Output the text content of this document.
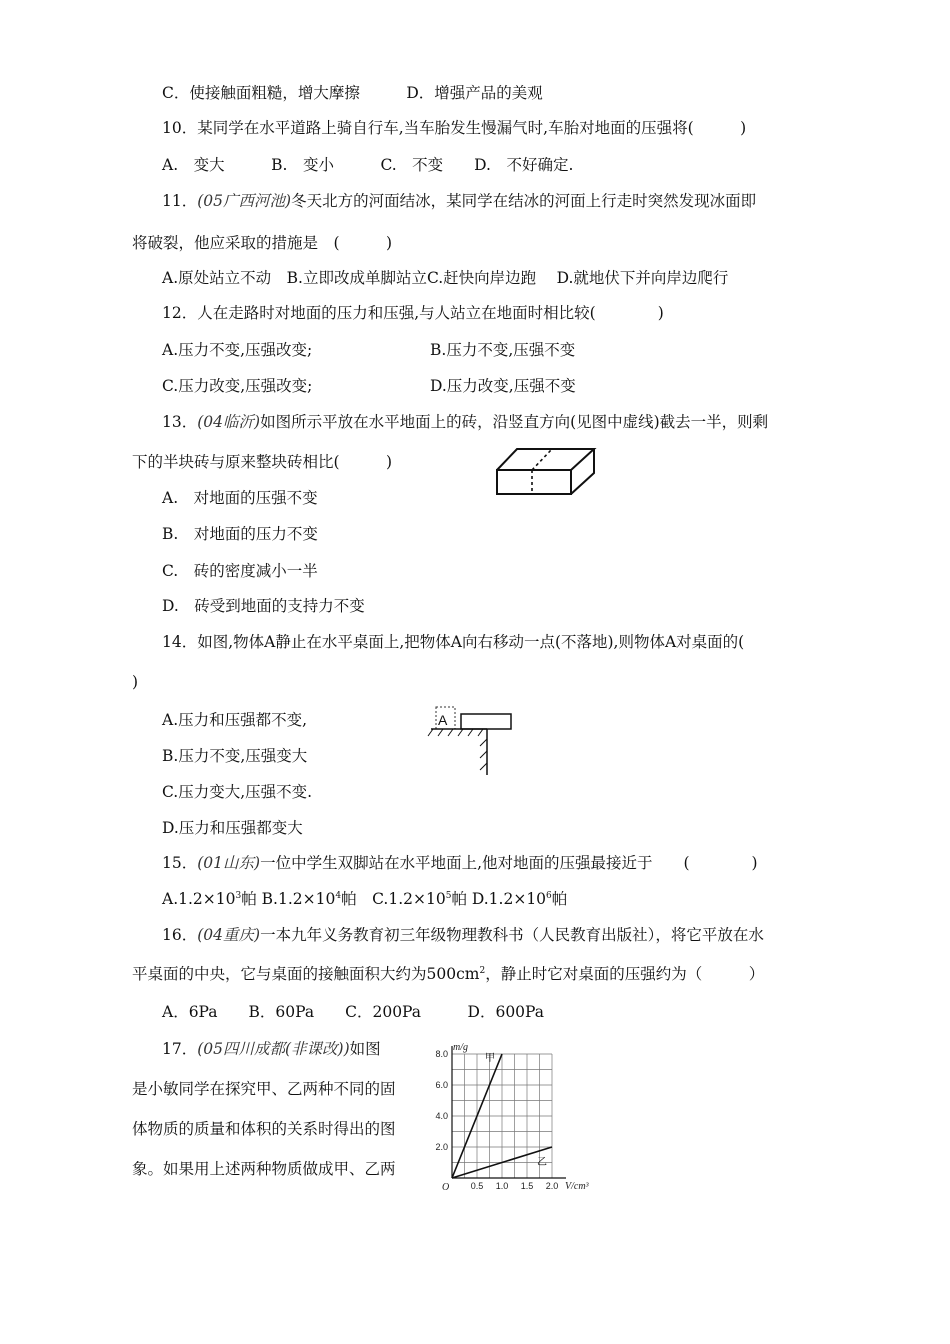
C．使接触面粗糙，增大摩擦　　　D．增强产品的美观
10．某同学在水平道路上骑自行车,当车胎发生慢漏气时,车胎对地面的压强将(　　　)
A.　变大　　　B.　变小　　　C.　不变　　D.　不好确定.
11．(05广西河池)冬天北方的河面结冰，某同学在结冰的河面上行走时突然发现冰面即
将破裂，他应采取的措施是　(　　　)
A.原处站立不动　B.立即改成单脚站立C.赶快向岸边跑　 D.就地伏下并向岸边爬行
12．人在走路时对地面的压力和压强,与人站立在地面时相比较(　　　　)
A.压力不变,压强改变;	B.压力不变,压强不变
C.压力改变,压强改变;	D.压力改变,压强不变
13．(04临沂)如图所示平放在水平地面上的砖，沿竖直方向(见图中虚线)截去一半，则剩
下的半块砖与原来整块砖相比(　　　)
A.　对地面的压强不变
B.　对地面的压力不变
C.　砖的密度减小一半
D.　砖受到地面的支持力不变
14．如图,物体A静止在水平桌面上,把物体A向右移动一点(不落地),则物体A对桌面的(
)
A.压力和压强都不变,
B.压力不变,压强变大
C.压力变大,压强不变.
D.压力和压强都变大
A
15．(01山东)一位中学生双脚站在水平地面上,他对地面的压强最接近于　　(　　　　)
$A.1.2\times 10^3$帕 $B.1.2\times 10^4$帕　$C.1.2\times 10^5$帕 $D.1.2\times 10^6$帕
16．(04重庆)一本九年义务教育初三年级物理教科书（人民教育出版社），将它平放在水
平桌面的中央，它与桌面的接触面积大约为$500cm^2$，静止时它对桌面的压强约为（　　　）
A．6Pa　　B．60Pa　　C．200Pa　　　D．600Pa
17．(05四川成都(非课改))如图
是小敏同学在探究甲、乙两种不同的固
体物质的质量和体积的关系时得出的图
象。如果用上述两种物质做成甲、乙两
m/g
V/cm³
O 0.5 1.0 1.5 2.0
2.0
4.0
6.0
8.0	甲
乙
